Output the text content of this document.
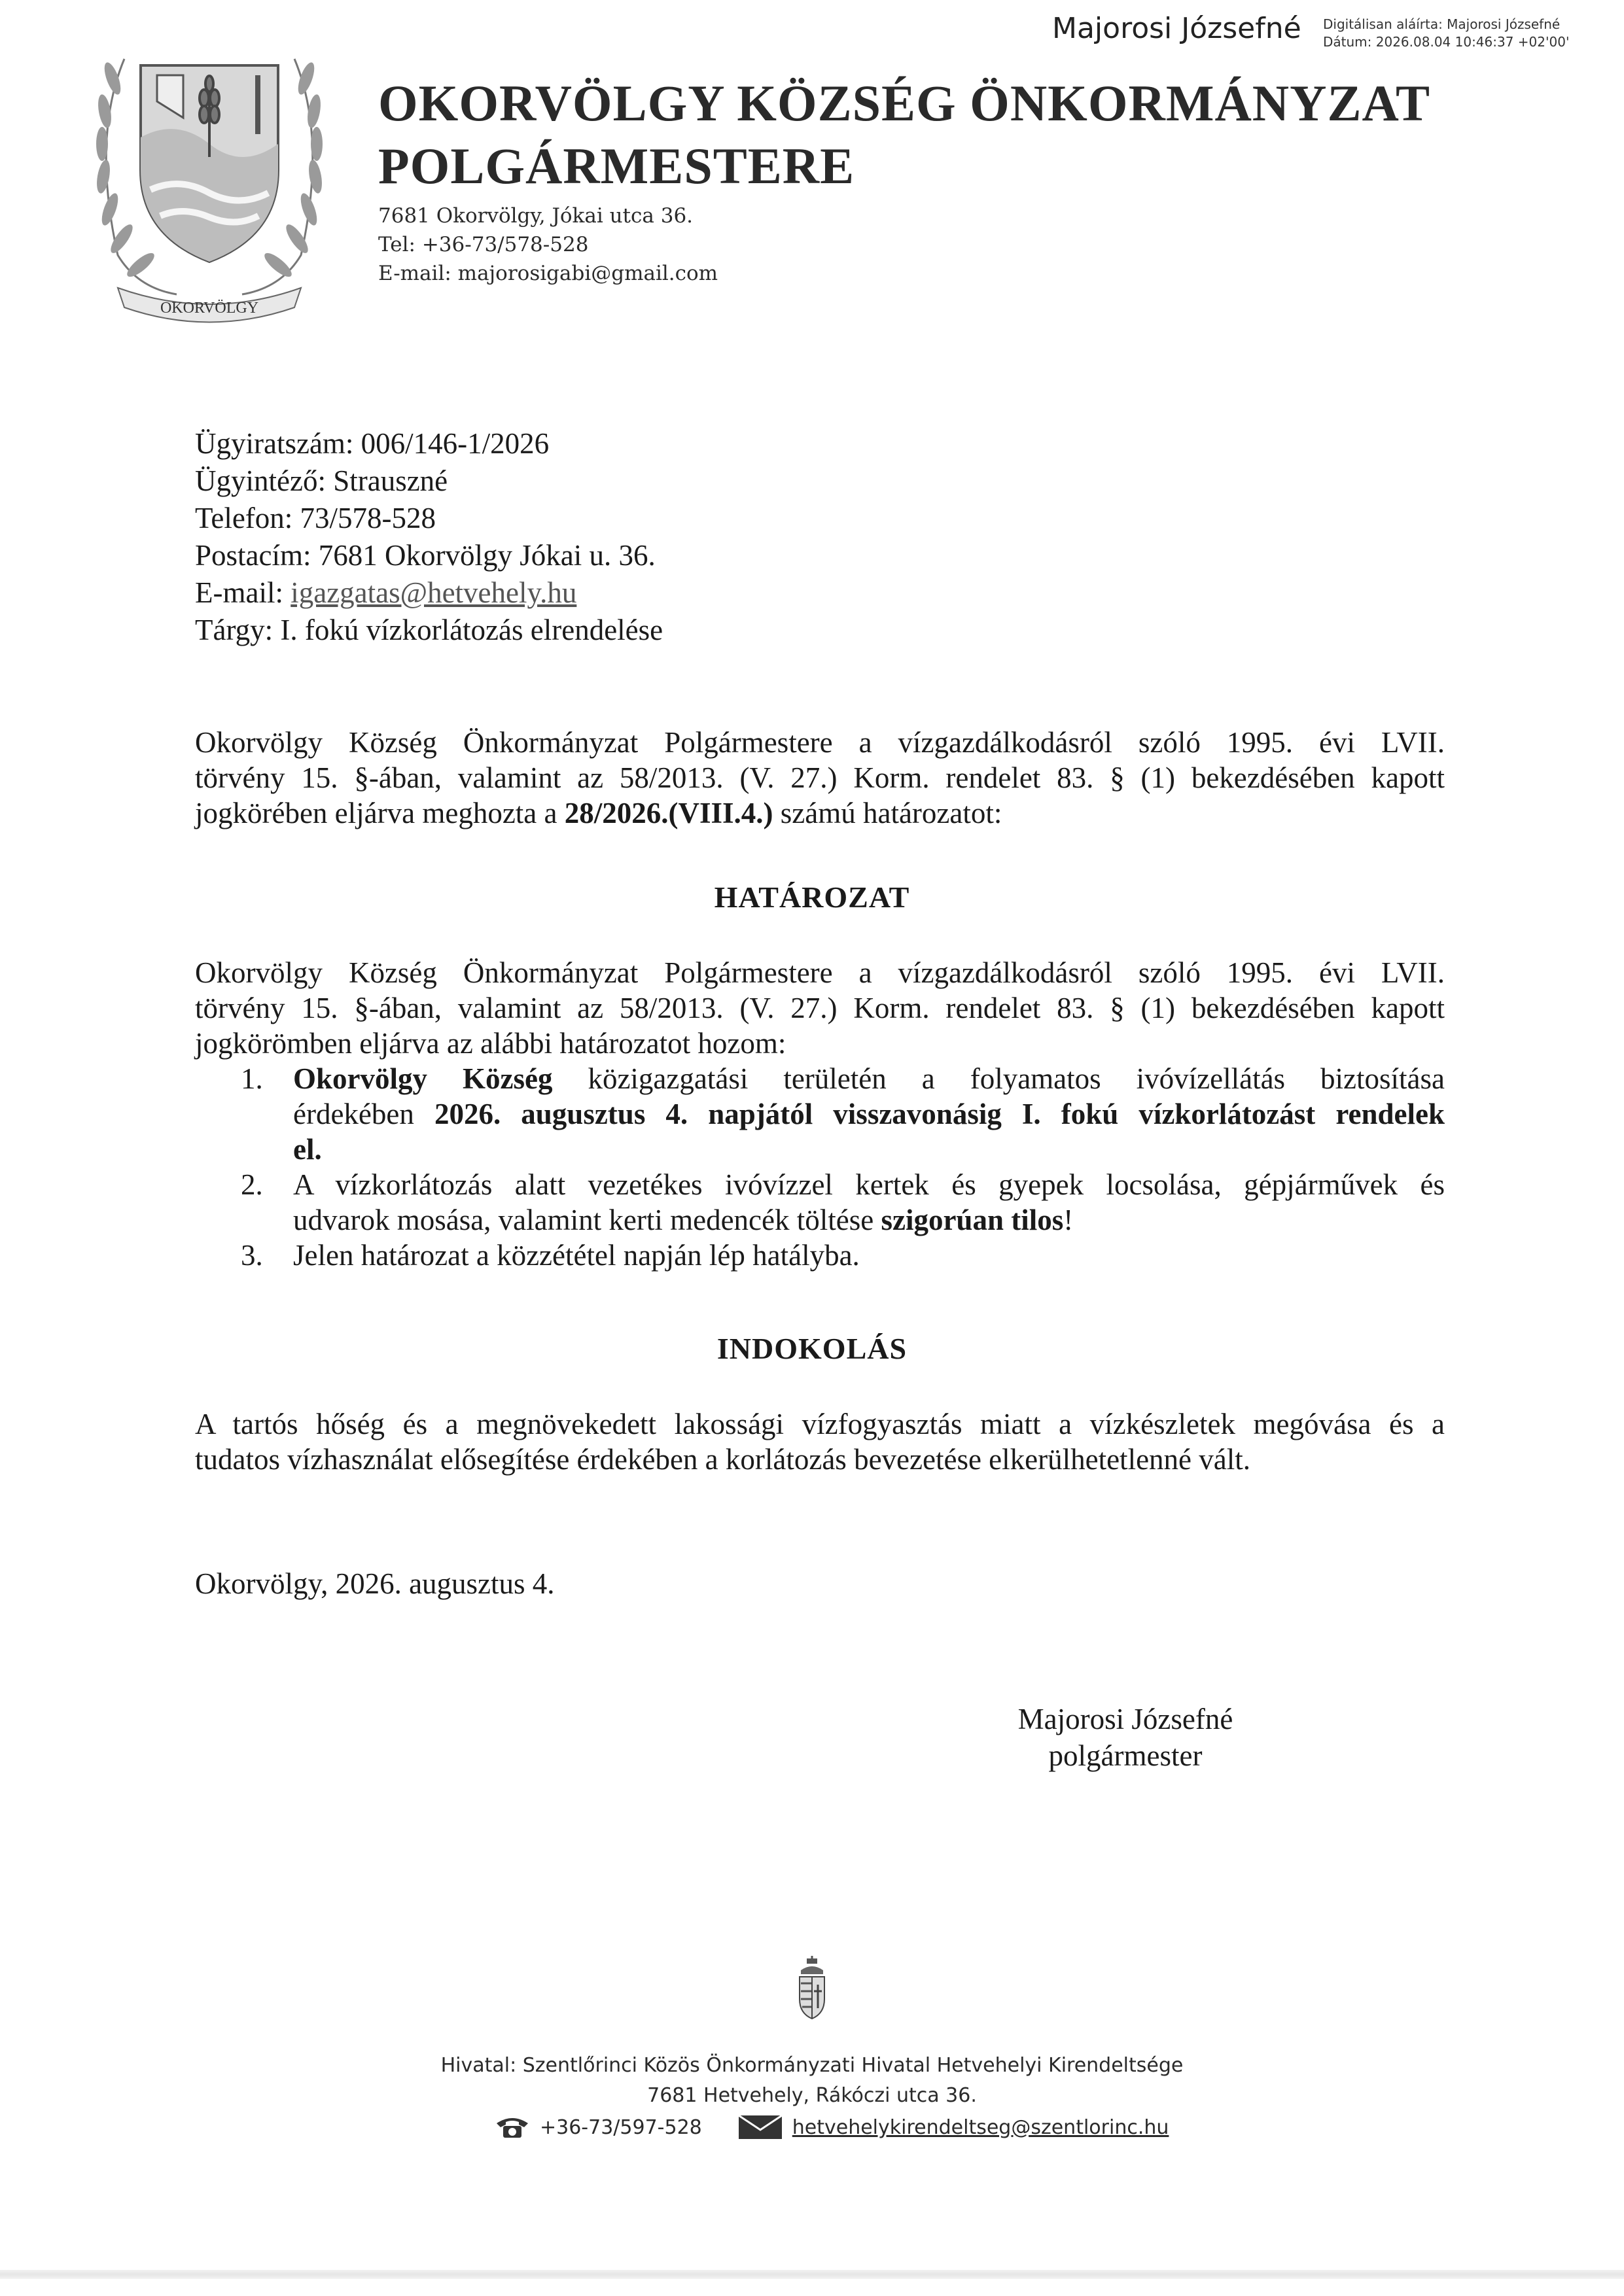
Majorosi Józsefné Digitálisan aláírta: Majorosi Józsefné
Dátum: 2026.08.04 10:46:37 +02'00'
OKORVÖLGY
OKORVÖLGY KÖZSÉG ÖNKORMÁNYZAT
POLGÁRMESTERE
7681 Okorvölgy, Jókai utca 36.
Tel: +36-73/578-528
E-mail: majorosigabi@gmail.com
Ügyiratszám: 006/146-1/2026
Ügyintéző: Strauszné
Telefon: 73/578-528
Postacím: 7681 Okorvölgy Jókai u. 36.
E-mail: igazgatas@hetvehely.hu
Tárgy: I. fokú vízkorlátozás elrendelése
Okorvölgy Község Önkormányzat Polgármestere a vízgazdálkodásról szóló 1995. évi LVII.
törvény 15. §-ában, valamint az 58/2013. (V. 27.) Korm. rendelet 83. § (1) bekezdésében kapott
jogkörében eljárva meghozta a 28/2026.(VIII.4.) számú határozatot:
HATÁROZAT
Okorvölgy Község Önkormányzat Polgármestere a vízgazdálkodásról szóló 1995. évi LVII.
törvény 15. §-ában, valamint az 58/2013. (V. 27.) Korm. rendelet 83. § (1) bekezdésében kapott
jogkörömben eljárva az alábbi határozatot hozom:
1. Okorvölgy Község közigazgatási területén a folyamatos ivóvízellátás biztosítása
érdekében 2026. augusztus 4. napjától visszavonásig I. fokú vízkorlátozást rendelek
el.
2. A vízkorlátozás alatt vezetékes ivóvízzel kertek és gyepek locsolása, gépjárművek és
udvarok mosása, valamint kerti medencék töltése szigorúan tilos!
3. Jelen határozat a közzététel napján lép hatályba.
INDOKOLÁS
A tartós hőség és a megnövekedett lakossági vízfogyasztás miatt a vízkészletek megóvása és a
tudatos vízhasználat elősegítése érdekében a korlátozás bevezetése elkerülhetetlenné vált.
Okorvölgy, 2026. augusztus 4.
Majorosi Józsefné
polgármester
Hivatal: Szentlőrinci Közös Önkormányzati Hivatal Hetvehelyi Kirendeltsége
7681 Hetvehely, Rákóczi utca 36.
+36-73/597-528	hetvehelykirendeltseg@szentlorinc.hu
